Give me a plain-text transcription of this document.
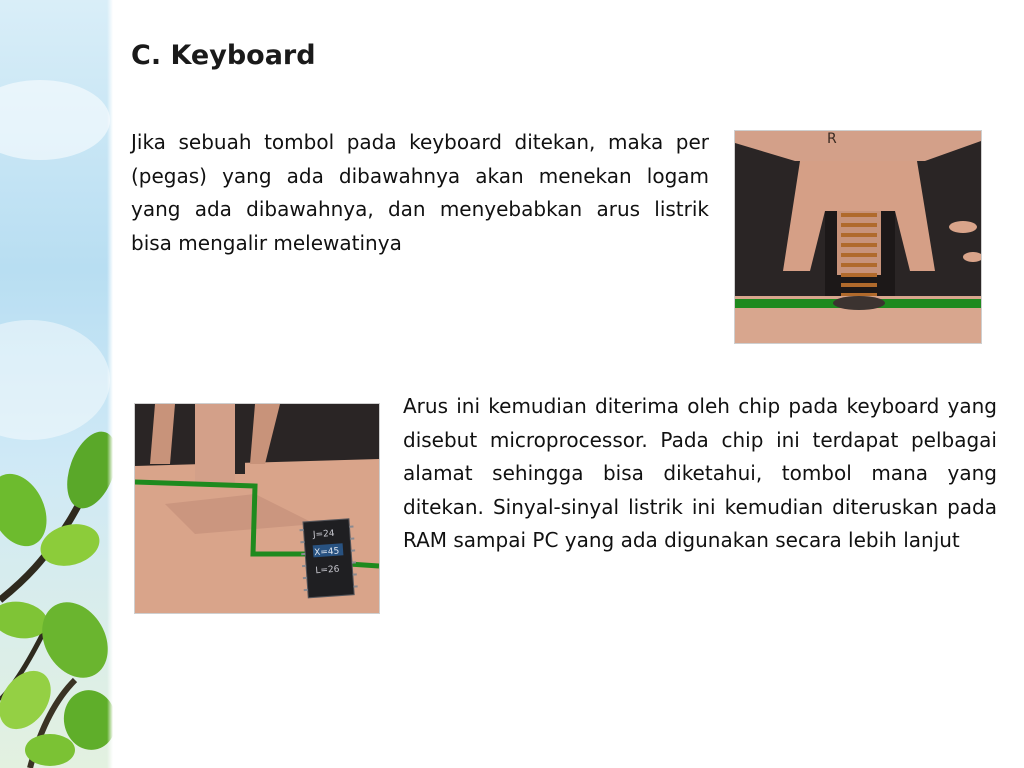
C. Keyboard

Jika sebuah tombol pada keyboard ditekan, maka per (pegas) yang ada dibawahnya akan menekan logam yang ada dibawahnya, dan menyebabkan arus listrik bisa mengalir melewatinya

R
J=24
X=45
L=26

Arus ini kemudian diterima oleh chip pada keyboard yang disebut microprocessor. Pada chip ini terdapat pelbagai alamat sehingga bisa diketahui, tombol mana yang ditekan. Sinyal-sinyal listrik ini kemudian diteruskan pada RAM sampai PC yang ada digunakan secara lebih lanjut
